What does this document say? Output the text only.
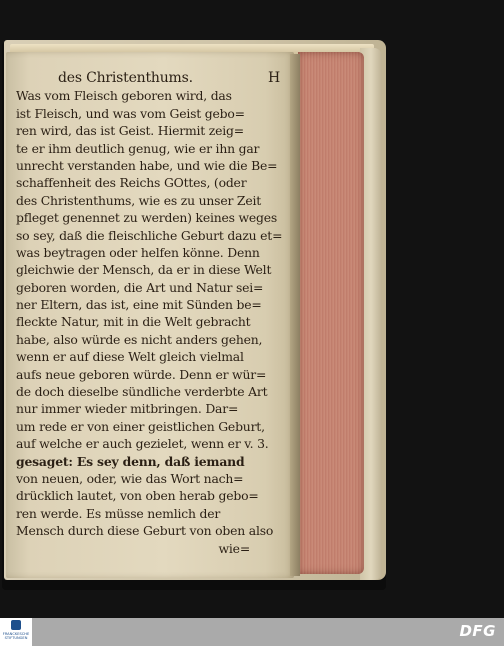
des Christenthums.	H
Was vom Fleisch geboren wird, das
ist Fleisch, und was vom Geist gebo=
ren wird, das ist Geist. Hiermit zeig=
te er ihm deutlich genug, wie er ihn gar
unrecht verstanden habe, und wie die Be=
schaffenheit des Reichs GOttes, (oder
des Christenthums, wie es zu unser Zeit
pfleget genennet zu werden) keines weges
so sey, daß die fleischliche Geburt dazu et=
was beytragen oder helfen könne. Denn
gleichwie der Mensch, da er in diese Welt
geboren worden, die Art und Natur sei=
ner Eltern, das ist, eine mit Sünden be=
fleckte Natur, mit in die Welt gebracht
habe, also würde es nicht anders gehen,
wenn er auf diese Welt gleich vielmal
aufs neue geboren würde. Denn er wür=
de doch dieselbe sündliche verderbte Art
nur immer wieder mitbringen. Dar=
um rede er von einer geistlichen Geburt,
auf welche er auch gezielet, wenn er v. 3.
gesaget: Es sey denn, daß iemand
von neuen, oder, wie das Wort nach=
drücklich lautet, von oben herab gebo=
ren werde. Es müsse nemlich der
Mensch durch diese Geburt von oben also
wie=
FRANCKESCHE STIFTUNGEN	DFG
